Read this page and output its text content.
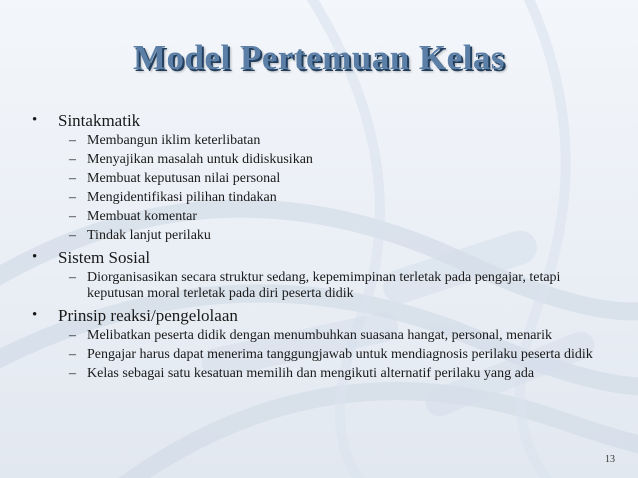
Model Pertemuan Kelas
• Sintakmatik
– Membangun iklim keterlibatan
– Menyajikan masalah untuk didiskusikan
– Membuat keputusan nilai personal
– Mengidentifikasi pilihan tindakan
– Membuat komentar
– Tindak lanjut perilaku
• Sistem Sosial
– Diorganisasikan secara struktur sedang, kepemimpinan terletak pada pengajar, tetapi keputusan moral terletak pada diri peserta didik
• Prinsip reaksi/pengelolaan
– Melibatkan peserta didik dengan menumbuhkan suasana hangat, personal, menarik
– Pengajar harus dapat menerima tanggungjawab untuk mendiagnosis perilaku peserta didik
– Kelas sebagai satu kesatuan memilih dan mengikuti alternatif perilaku yang ada
13
